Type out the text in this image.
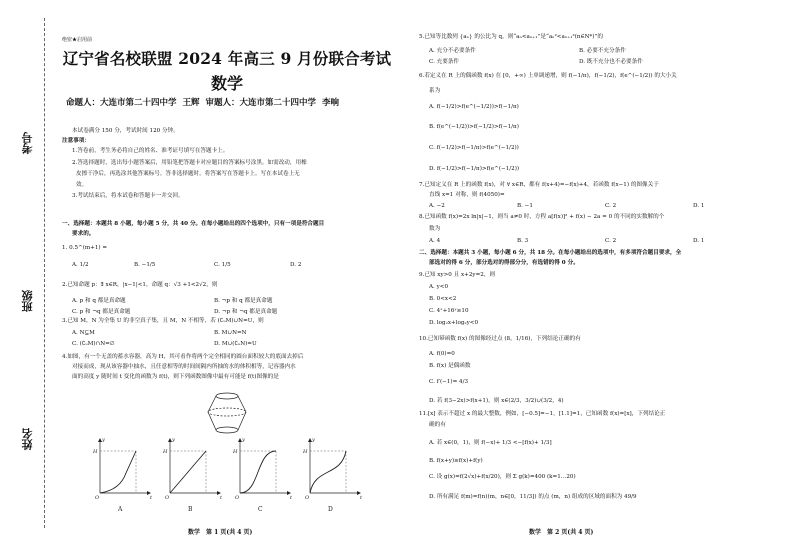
考号
班级
姓名
绝密★启用前
辽宁省名校联盟 2024 年高三 9 月份联合考试
数学
命题人：大连市第二十四中学 王辉 审题人：大连市第二十四中学 李响
本试卷满分 150 分，考试时间 120 分钟。
注意事项：
1.答卷前，考生务必将自己的姓名、准考证号填写在答题卡上。
2.答选择题时，选出每小题答案后，用铅笔把答题卡对应题目的答案标号涂黑。如需改动，用橡
皮擦干净后，再选涂其他答案标号。答非选择题时，将答案写在答题卡上。写在本试卷上无
效。
3.考试结束后，将本试卷和答题卡一并交回。
一、选择题：本题共 8 小题，每小题 5 分，共 40 分。在每小题给出的四个选项中，只有一项是符合题目
要求的。
1. 0.5^(m+1) =
A. 1/2	B. −1/5	C. 1/5	D. 2
2.已知命题 p：∃ x∈R，|x−1|<1，命题 q：√3 +1<2√2，则
A. p 和 q 都是真命题	B. ¬p 和 q 都是真命题
C. p 和 ¬q 都是真命题	D. ¬p 和 ¬q 都是真命题
3.已知 M，N 为全集 U 的非空真子集，且 M，N 不相等，若 (∁ᵤM)∪N=U，则
A. N⊆M	B. M∪N=N
C. (∁ᵤM)∩N=∅	D. M∪(∁ᵤN)=U
4.如图，有一个无盖的蓄水容器，高为 H，其可看作将两个完全相同的圆台面积较大的底面去掉后
对接而成，现从该容器中抽水，且任意相等的时间间隔内所抽的水的体积相等，记容器内水
面的高度 y 随时间 t 变化的函数为 f(t)，则下列函数图像中最有可能是 f(t)图像的是
y
H
O	t
y
H
O	t
y
H
O	t
y
H
O	t
A	B	C	D
数学　第 1 页(共 4 页)
5.已知等比数列 {aₙ} 的公比为 q，则“aₙ<aₙ₊₁”是“aₙ²<aₙ₊₁²(n∈N*)”的
A. 充分不必要条件	B. 必要不充分条件
C. 充要条件	D. 既不充分也不必要条件
6.若定义在 R 上的偶函数 f(x) 在 [0，+∞) 上单调递增，则 f(−1/π)，f(−1/2)，f(e^(−1/2)) 的大小关
系为
A. f(−1/2)>f(e^(−1/2))>f(−1/π)
B. f(e^(−1/2))>f(−1/2)>f(−1/π)
C. f(−1/2)>f(−1/π)>f(e^(−1/2))
D. f(−1/2)>f(−1/π)>f(e^(−1/2))
7.已知定义在 R 上的函数 f(x)，对 ∀ x∈R，都有 f(x+4)=−f(x)+4，若函数 f(x−1) 的图像关于
直线 x=1 对称，则 f(4050)=
A. −2	B. −1	C. 2	D. 1
8.已知函数 f(x)=2x ln|x|−1，则当 a≠0 时，方程 a[f(x)]² + f(x) − 2a = 0 的不同的实数解的个
数为
A. 4	B. 3	C. 2	D. 1
二、选择题：本题共 3 小题，每小题 6 分，共 18 分。在每小题给出的选项中，有多项符合题目要求，全
部选对的得 6 分，部分选对的得部分分，有选错的得 0 分。
9.已知 xy>0 且 x+2y=2，则
A. y<0
B. 0<x<2
C. 4ˣ+16ʸ≥10
D. log₂x+log₂y<0
10.已知幂函数 f(x) 的图像经过点 (8，1/16)，下列结论正确的有
A. f(0)=0
B. f(x) 是偶函数
C. f′(−1)= 4/3
D. 若 f(3−2x)>f(x+1)，则 x∈(2/3，3/2)∪(3/2，4)
11.[x] 表示不超过 x 的最大整数，例如，[−0.5]=−1，[1.1]=1，已知函数 f(x)=[x]，下列结论正
确的有
A. 若 x∈(0，1)，则 f(−x)+ 1/3 <−[f(x)+ 1/3]
B. f(x+y)≥f(x)+f(y)
C. 设 g(x)=f(2√x)+f(x/20)，则 Σ g(k)=400 (k=1…20)
D. 所有满足 f(m)=f(n)(m，n∈[0，11/3]) 的点 (m，n) 组成的区域的面积为 49/9
数学　第 2 页(共 4 页)
